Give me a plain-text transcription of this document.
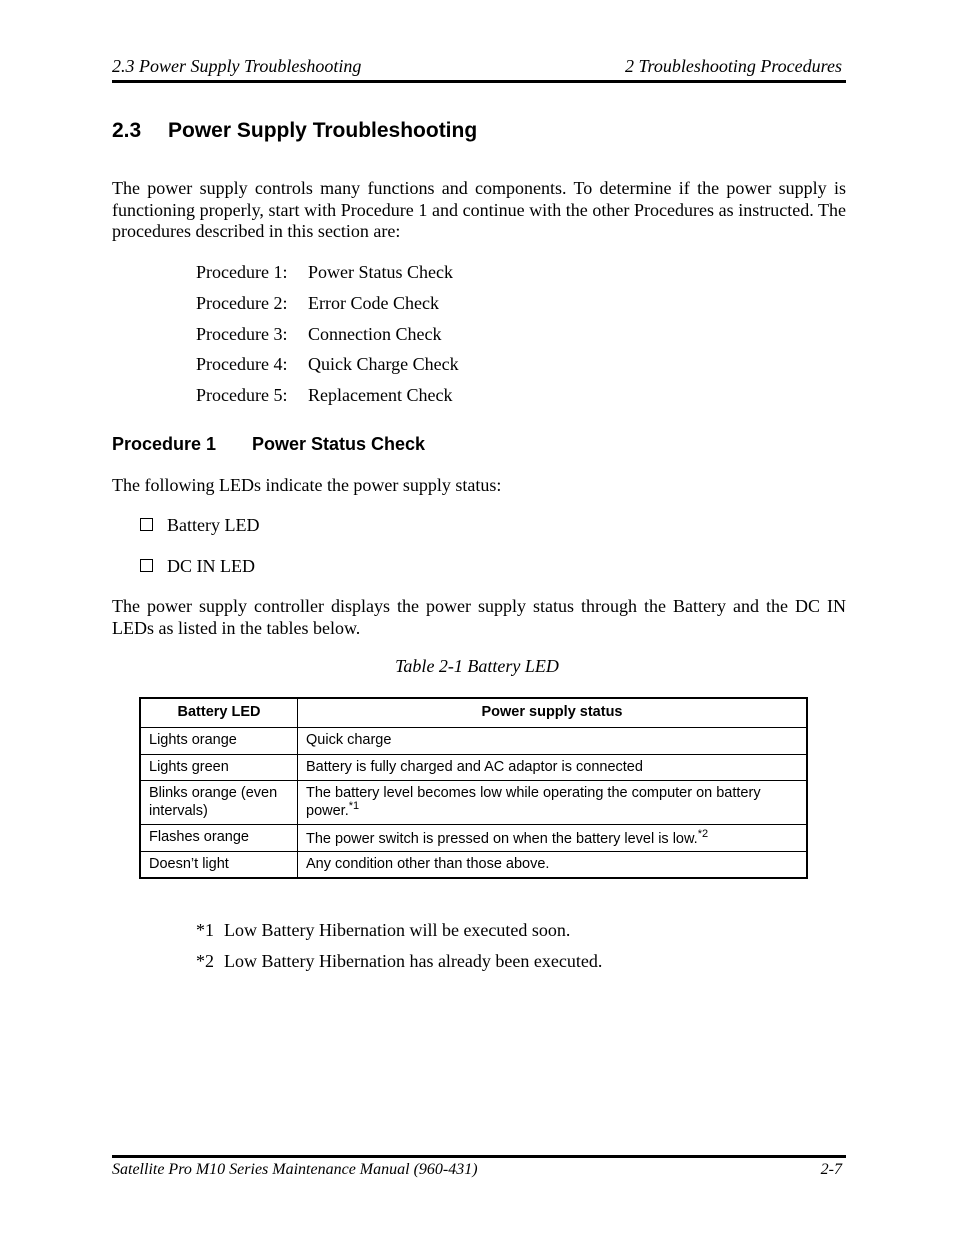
2.3 Power Supply Troubleshooting	2 Troubleshooting Procedures
2.3 Power Supply Troubleshooting
The power supply controls many functions and components. To determine if the power supply is functioning properly, start with Procedure 1 and continue with the other Procedures as instructed. The procedures described in this section are:
Procedure 1: Power Status Check
Procedure 2: Error Code Check
Procedure 3: Connection Check
Procedure 4: Quick Charge Check
Procedure 5: Replacement Check
Procedure 1 Power Status Check
The following LEDs indicate the power supply status:
Battery LED
DC IN LED
The power supply controller displays the power supply status through the Battery and the DC IN LEDs as listed in the tables below.
Table 2-1 Battery LED
Battery LED	Power supply status
Lights orange	Quick charge
Lights green	Battery is fully charged and AC adaptor is connected
Blinks orange (even intervals)	The battery level becomes low while operating the computer on battery power.$^{*1}$
Flashes orange	The power switch is pressed on when the battery level is low.$^{*2}$
Doesn’t light	Any condition other than those above.
*1 Low Battery Hibernation will be executed soon.
*2 Low Battery Hibernation has already been executed.
Satellite Pro M10 Series Maintenance Manual (960-431)	2-7
